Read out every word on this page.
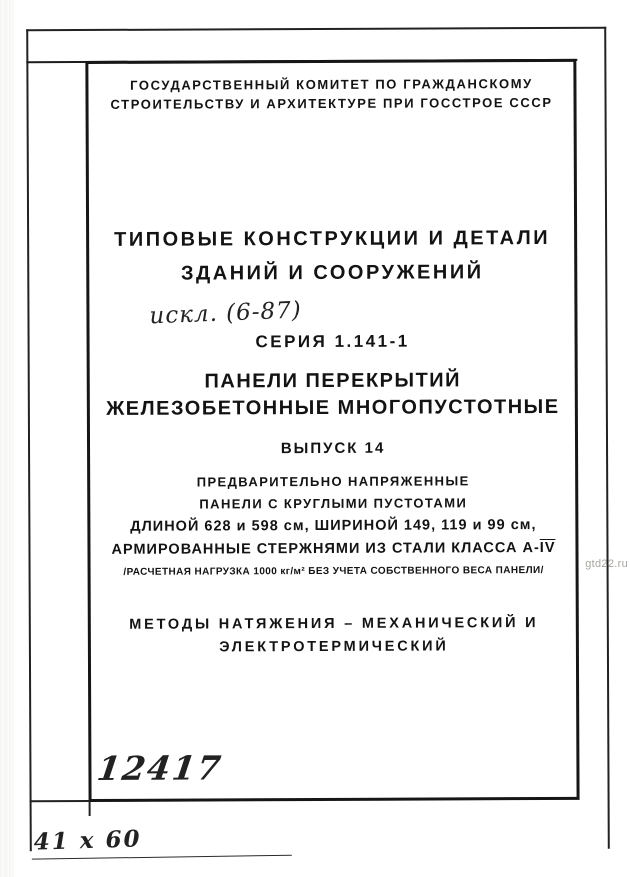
ГОСУДАРСТВЕННЫЙ КОМИТЕТ ПО ГРАЖДАНСКОМУ
СТРОИТЕЛЬСТВУ И АРХИТЕКТУРЕ ПРИ ГОССТРОЕ СССР
ТИПОВЫЕ КОНСТРУКЦИИ И ДЕТАЛИ
ЗДАНИЙ И СООРУЖЕНИЙ
искл. (6-87)
СЕРИЯ 1.141-1
ПАНЕЛИ ПЕРЕКРЫТИЙ
ЖЕЛЕЗОБЕТОННЫЕ МНОГОПУСТОТНЫЕ
ВЫПУСК 14
ПРЕДВАРИТЕЛЬНО НАПРЯЖЕННЫЕ
ПАНЕЛИ С КРУГЛЫМИ ПУСТОТАМИ
ДЛИНОЙ 628 и 598 см, ШИРИНОЙ 149, 119 и 99 см,
АРМИРОВАННЫЕ СТЕРЖНЯМИ ИЗ СТАЛИ КЛАССА $А-\overline{IV}$
/РАСЧЕТНАЯ НАГРУЗКА 1000 кг/м² БЕЗ УЧЕТА СОБСТВЕННОГО ВЕСА ПАНЕЛИ/
МЕТОДЫ НАТЯЖЕНИЯ – МЕХАНИЧЕСКИЙ И
ЭЛЕКТРОТЕРМИЧЕСКИЙ
12417
41 х 60
gtd22.ru
